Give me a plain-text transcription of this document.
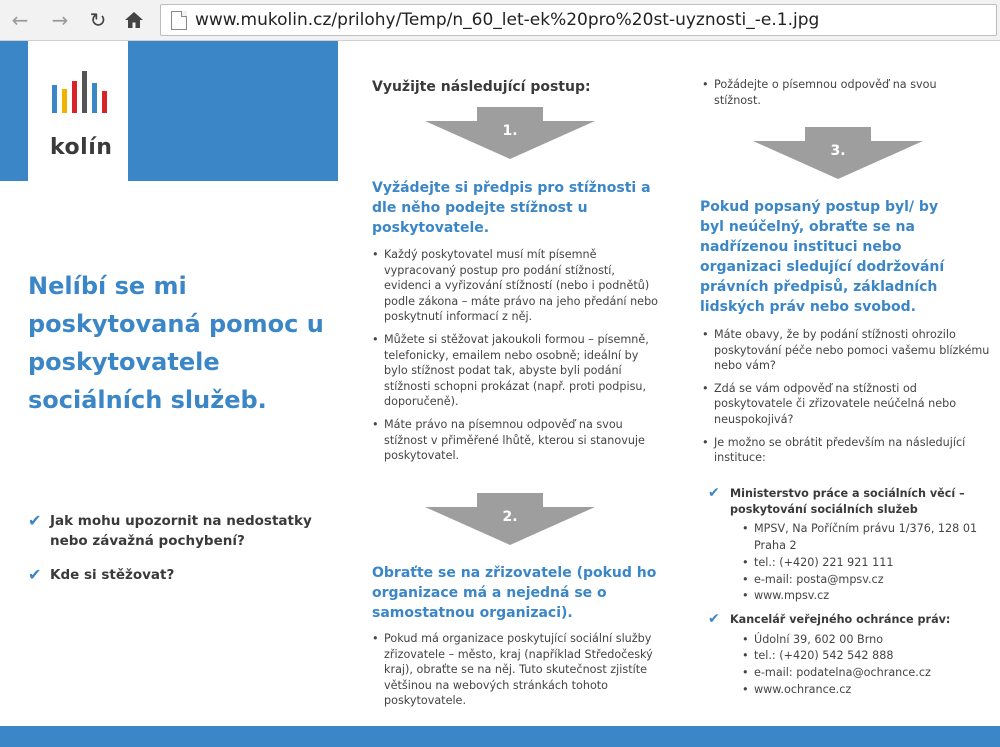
← → ↻	www.mukolin.cz/prilohy/Temp/n_60_let-ek%20pro%20st-uyznosti_-e.1.jpg
kolín

Nelíbí se mi poskytovaná pomoc u poskytovatele sociálních služeb.

✔ Jak mohu upozornit na nedostatky nebo závažná pochybení?
✔ Kde si stěžovat?

Využijte následující postup:

1.

Vyžádejte si předpis pro stížnosti a dle něho podejte stížnost u poskytovatele.

• Každý poskytovatel musí mít písemně vypracovaný postup pro podání stížností, evidenci a vyřizování stížností (nebo i podnětů) podle zákona – máte právo na jeho předání nebo poskytnutí informací z něj.
• Můžete si stěžovat jakoukoli formou – písemně, telefonicky, emailem nebo osobně; ideální by bylo stížnost podat tak, abyste byli podání stížnosti schopni prokázat (např. proti podpisu, doporučeně).
• Máte právo na písemnou odpověď na svou stížnost v přiměřené lhůtě, kterou si stanovuje poskytovatel.
2.

Obraťte se na zřizovatele (pokud ho organizace má a nejedná se o samostatnou organizaci).

• Pokud má organizace poskytující sociální služby zřizovatele – město, kraj (například Středočeský kraj), obraťte se na něj. Tuto skutečnost zjistíte většinou na webových stránkách tohoto poskytovatele.
• Požádejte o písemnou odpověď na svou stížnost.
3.

Pokud popsaný postup byl/ by byl neúčelný, obraťte se na nadřízenou instituci nebo organizaci sledující dodržování právních předpisů, základních lidských práv nebo svobod.

• Máte obavy, že by podání stížnosti ohrozilo poskytování péče nebo pomoci vašemu blízkému nebo vám?
• Zdá se vám odpověď na stížnosti od poskytovatele či zřizovatele neúčelná nebo neuspokojivá?
• Je možno se obrátit především na následující instituce:
✔ Ministerstvo práce a sociálních věcí – poskytování sociálních služeb
• MPSV, Na Poříčním právu 1/376, 128 01 Praha 2
• tel.: (+420) 221 921 111
• e-mail: posta@mpsv.cz
• www.mpsv.cz
✔ Kancelář veřejného ochránce práv:
• Údolní 39, 602 00 Brno
• tel.: (+420) 542 542 888
• e-mail: podatelna@ochrance.cz
• www.ochrance.cz
